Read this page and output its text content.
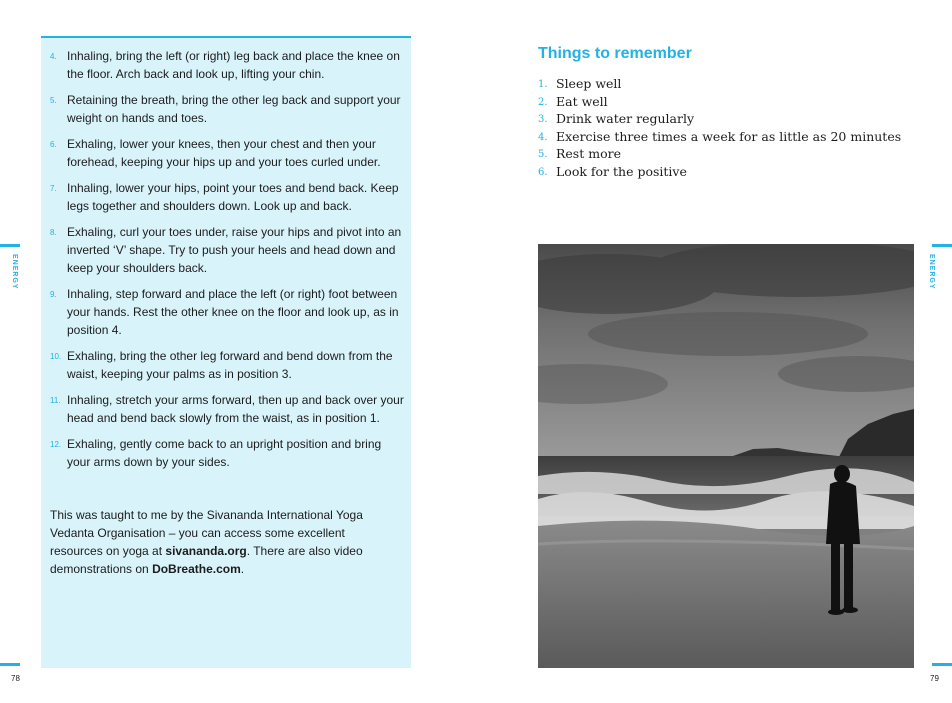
ENERGY
78
4. Inhaling, bring the left (or right) leg back and place the knee on the floor. Arch back and look up, lifting your chin.
5. Retaining the breath, bring the other leg back and support your weight on hands and toes.
6. Exhaling, lower your knees, then your chest and then your forehead, keeping your hips up and your toes curled under.
7. Inhaling, lower your hips, point your toes and bend back. Keep legs together and shoulders down. Look up and back.
8. Exhaling, curl your toes under, raise your hips and pivot into an inverted ‘V’ shape. Try to push your heels and head down and keep your shoulders back.
9. Inhaling, step forward and place the left (or right) foot between your hands. Rest the other knee on the floor and look up, as in position 4.
10. Exhaling, bring the other leg forward and bend down from the waist, keeping your palms as in position 3.
11. Inhaling, stretch your arms forward, then up and back over your head and bend back slowly from the waist, as in position 1.
12. Exhaling, gently come back to an upright position and bring your arms down by your sides.

This was taught to me by the Sivananda International Yoga Vedanta Organisation – you can access some excellent resources on yoga at sivananda.org. There are also video demonstrations on DoBreathe.com.

Things to remember
1. Sleep well
2. Eat well
3. Drink water regularly
4. Exercise three times a week for as little as 20 minutes
5. Rest more
6. Look for the positive
ENERGY
79
